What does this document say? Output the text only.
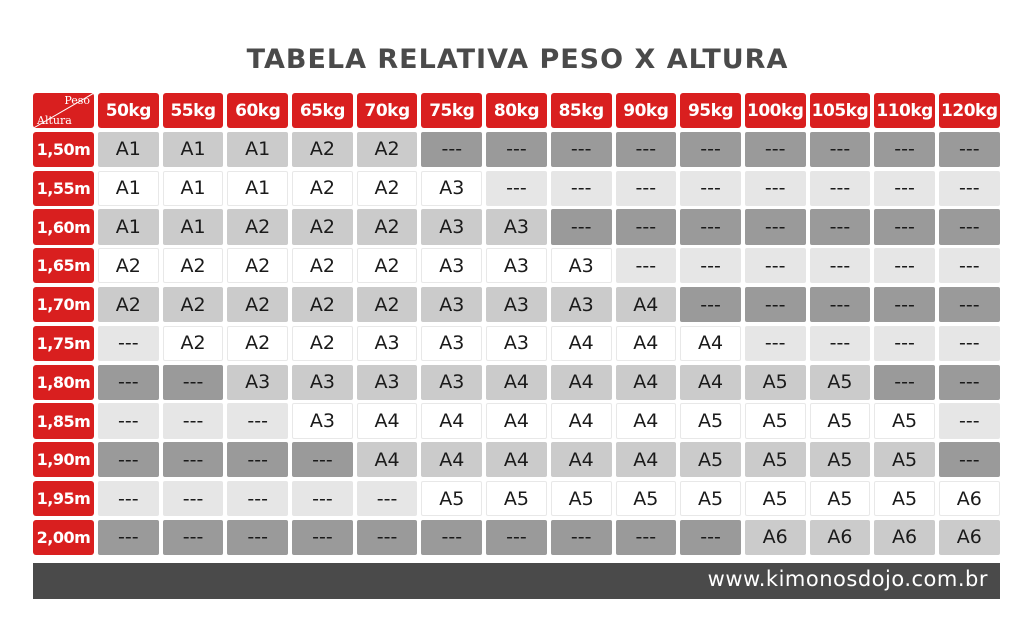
TABELA RELATIVA PESO X ALTURA
Peso
Altura
50kg	55kg	60kg	65kg	70kg	75kg	80kg	85kg	90kg	95kg 100kg 105kg 110kg 120kg
1,50m	A1	A1	A1	A2	A2	---	---	---	---	---	---	---	---	---
1,55m	A1	A1	A1	A2	A2	A3	---	---	---	---	---	---	---	---
1,60m	A1	A1	A2	A2	A2	A3	A3	---	---	---	---	---	---	---
1,65m	A2	A2	A2	A2	A2	A3	A3	A3	---	---	---	---	---	---
1,70m	A2	A2	A2	A2	A2	A3	A3	A3	A4	---	---	---	---	---
1,75m	---	A2	A2	A2	A3	A3	A3	A4	A4	A4	---	---	---	---
1,80m	---	---	A3	A3	A3	A3	A4	A4	A4	A4	A5	A5	---	---
1,85m	---	---	---	A3	A4	A4	A4	A4	A4	A5	A5	A5	A5	---
1,90m	---	---	---	---	A4	A4	A4	A4	A4	A5	A5	A5	A5	---
1,95m	---	---	---	---	---	A5	A5	A5	A5	A5	A5	A5	A5	A6
2,00m	---	---	---	---	---	---	---	---	---	---	A6	A6	A6	A6
www.kimonosdojo.com.br
